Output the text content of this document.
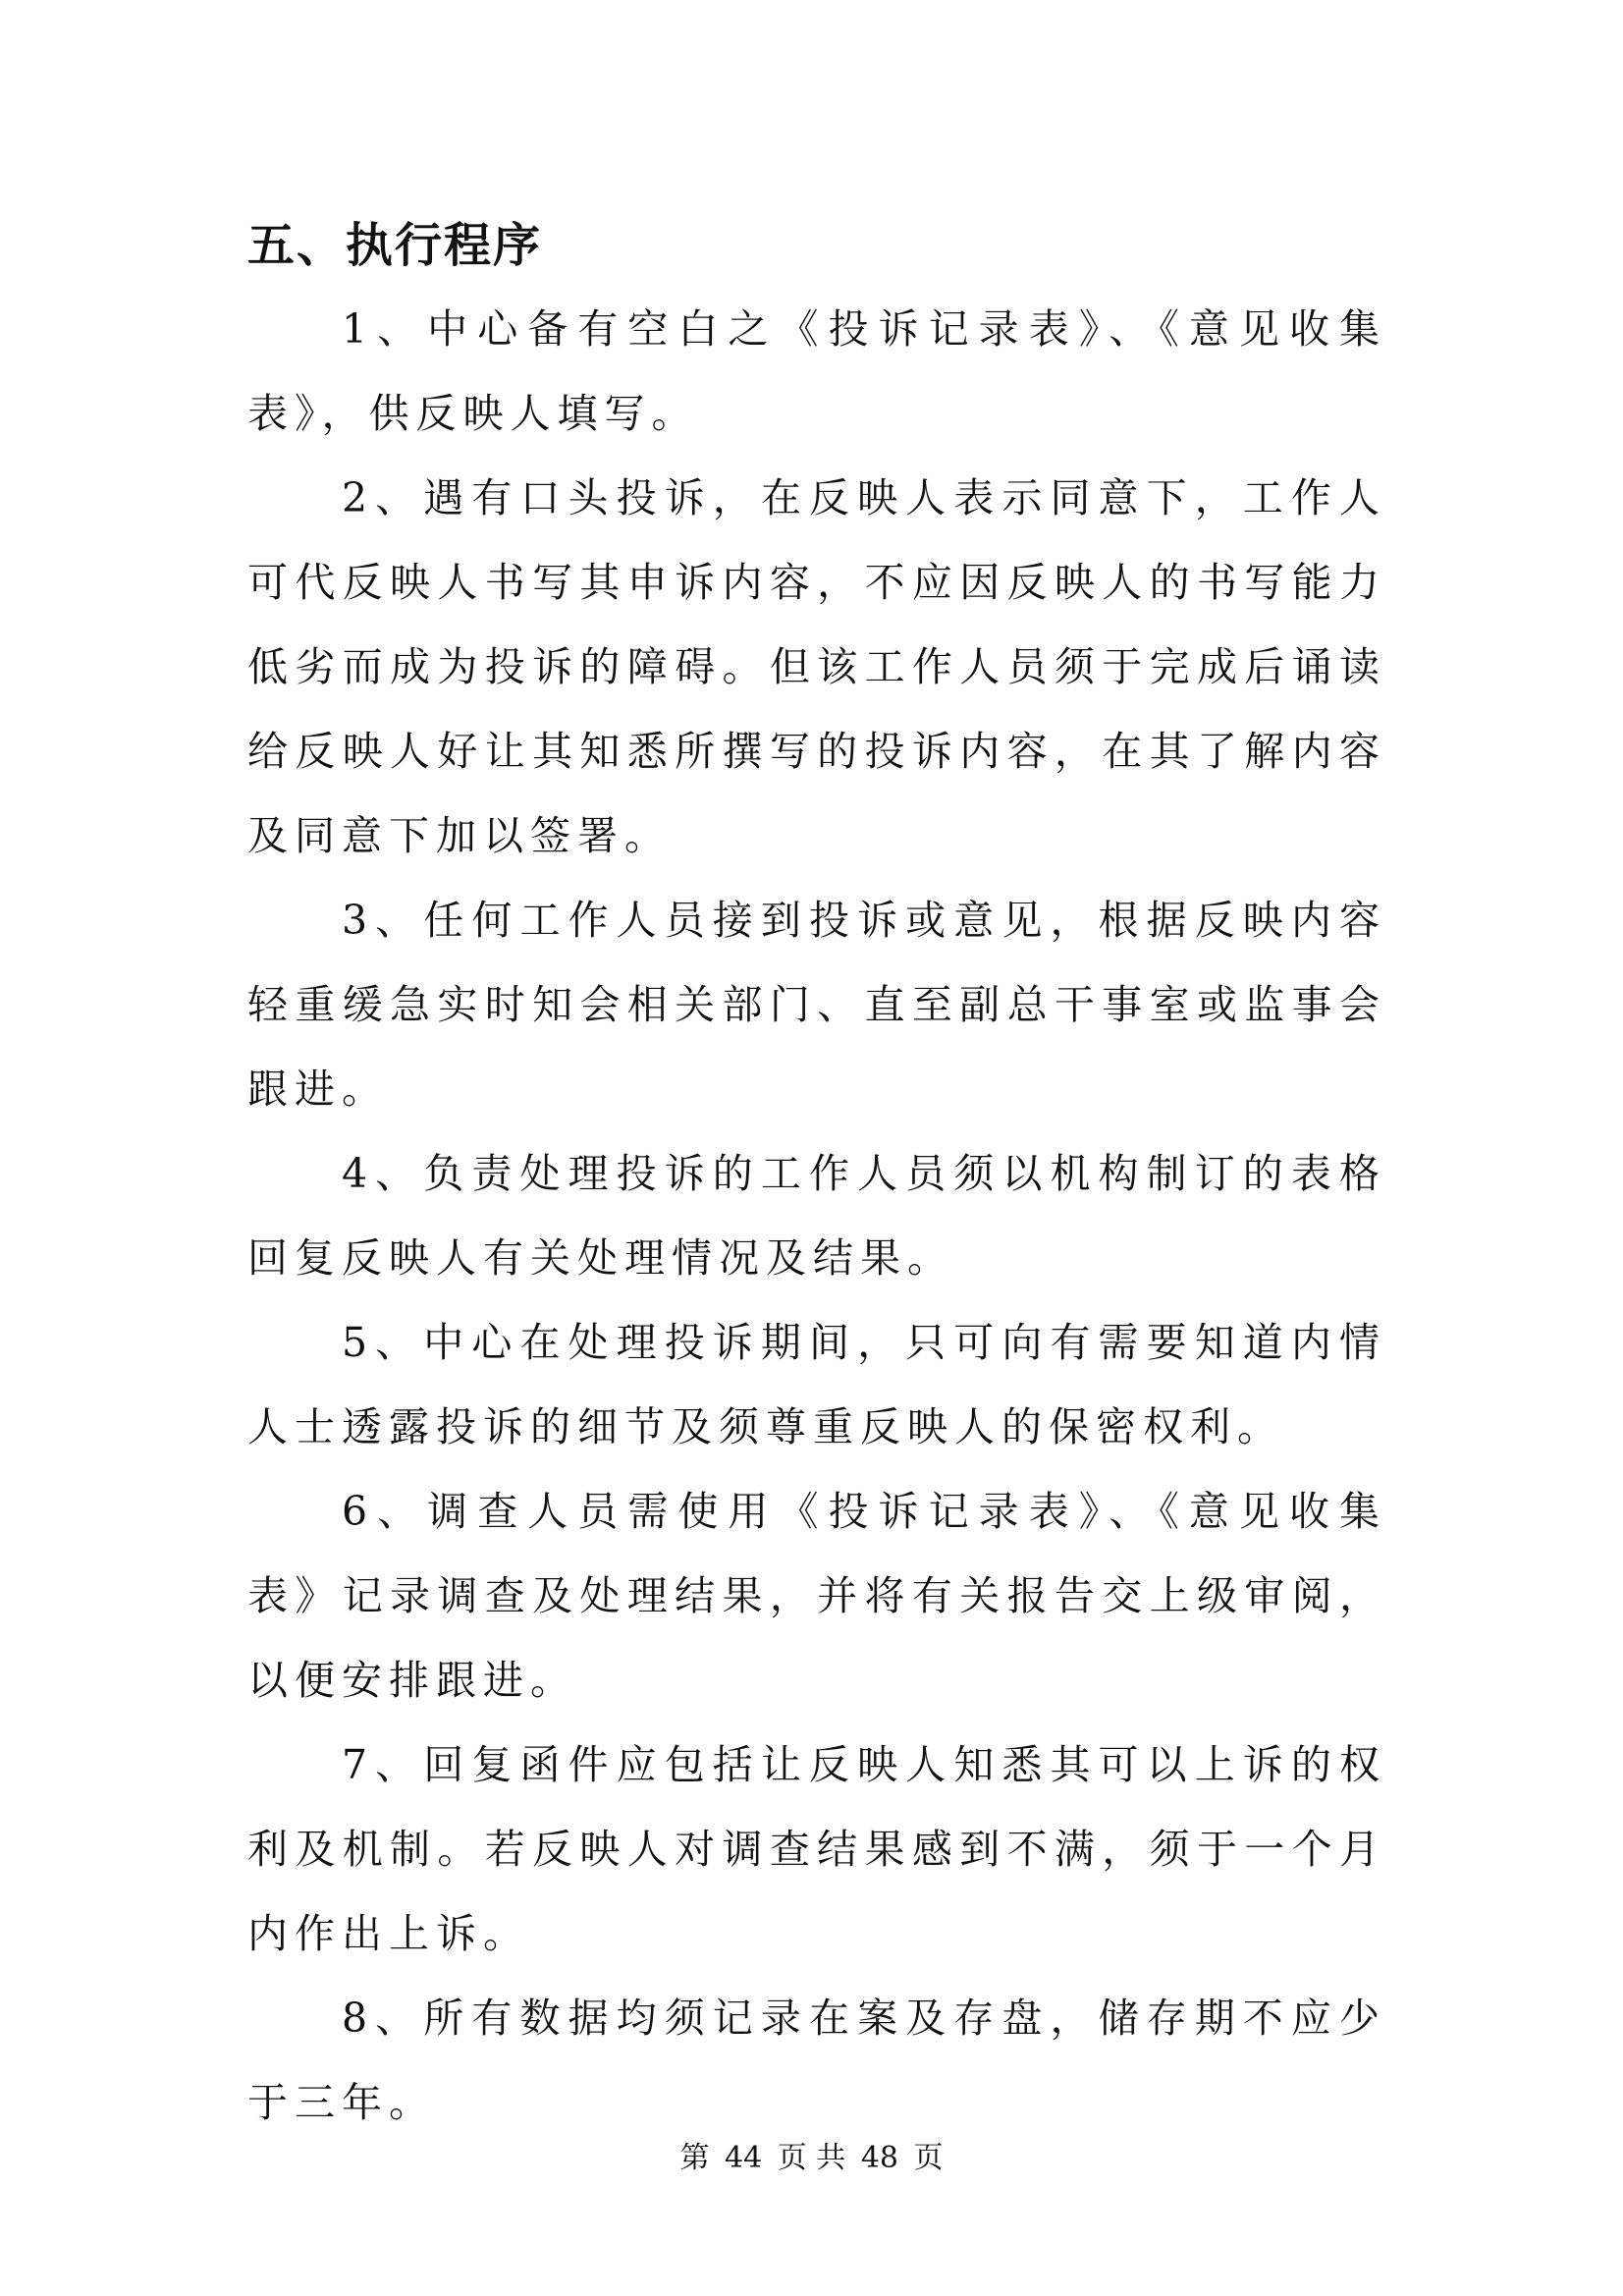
五、执行程序

1、中心备有空白之《投诉记录表》、《意见收集表》，供反映人填写。

2、遇有口头投诉，在反映人表示同意下，工作人可代反映人书写其申诉内容，不应因反映人的书写能力低劣而成为投诉的障碍。但该工作人员须于完成后诵读给反映人好让其知悉所撰写的投诉内容，在其了解内容及同意下加以签署。

3、任何工作人员接到投诉或意见，根据反映内容轻重缓急实时知会相关部门、直至副总干事室或监事会跟进。

4、负责处理投诉的工作人员须以机构制订的表格回复反映人有关处理情况及结果。

5、中心在处理投诉期间，只可向有需要知道内情人士透露投诉的细节及须尊重反映人的保密权利。

6、调查人员需使用《投诉记录表》、《意见收集表》记录调查及处理结果，并将有关报告交上级审阅，以便安排跟进。

7、回复函件应包括让反映人知悉其可以上诉的权利及机制。若反映人对调查结果感到不满，须于一个月内作出上诉。

8、所有数据均须记录在案及存盘，储存期不应少于三年。

第 44 页 共 48 页
